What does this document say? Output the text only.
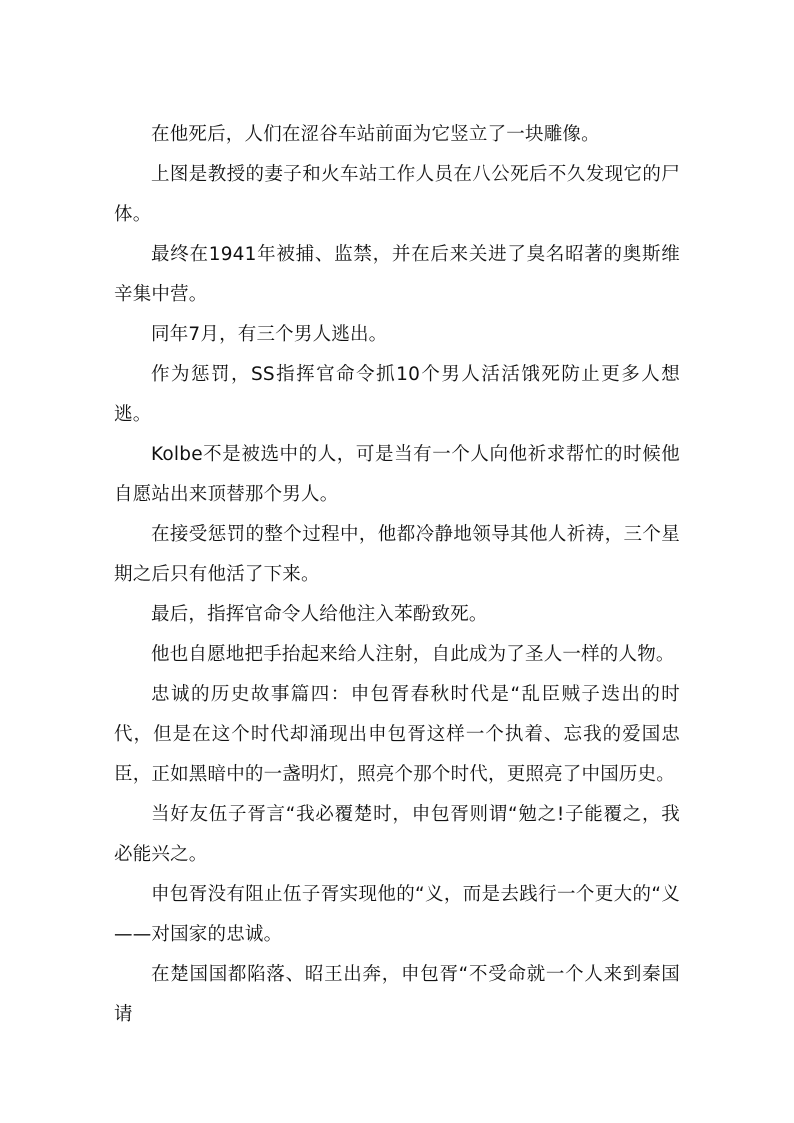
在他死后，人们在涩谷车站前面为它竖立了一块雕像。

上图是教授的妻子和火车站工作人员在八公死后不久发现它的尸体。

最终在1941年被捕、监禁，并在后来关进了臭名昭著的奥斯维辛集中营。

同年7月，有三个男人逃出。

作为惩罚，SS指挥官命令抓10个男人活活饿死防止更多人想逃。

Kolbe不是被选中的人，可是当有一个人向他祈求帮忙的时候他自愿站出来顶替那个男人。

在接受惩罚的整个过程中，他都冷静地领导其他人祈祷，三个星期之后只有他活了下来。

最后，指挥官命令人给他注入苯酚致死。

他也自愿地把手抬起来给人注射，自此成为了圣人一样的人物。

忠诚的历史故事篇四：申包胥春秋时代是“乱臣贼子迭出的时代，但是在这个时代却涌现出申包胥这样一个执着、忘我的爱国忠臣，正如黑暗中的一盏明灯，照亮个那个时代，更照亮了中国历史。

当好友伍子胥言“我必覆楚时，申包胥则谓“勉之!子能覆之，我必能兴之。

申包胥没有阻止伍子胥实现他的“义，而是去践行一个更大的“义——对国家的忠诚。

在楚国国都陷落、昭王出奔，申包胥“不受命就一个人来到秦国请
